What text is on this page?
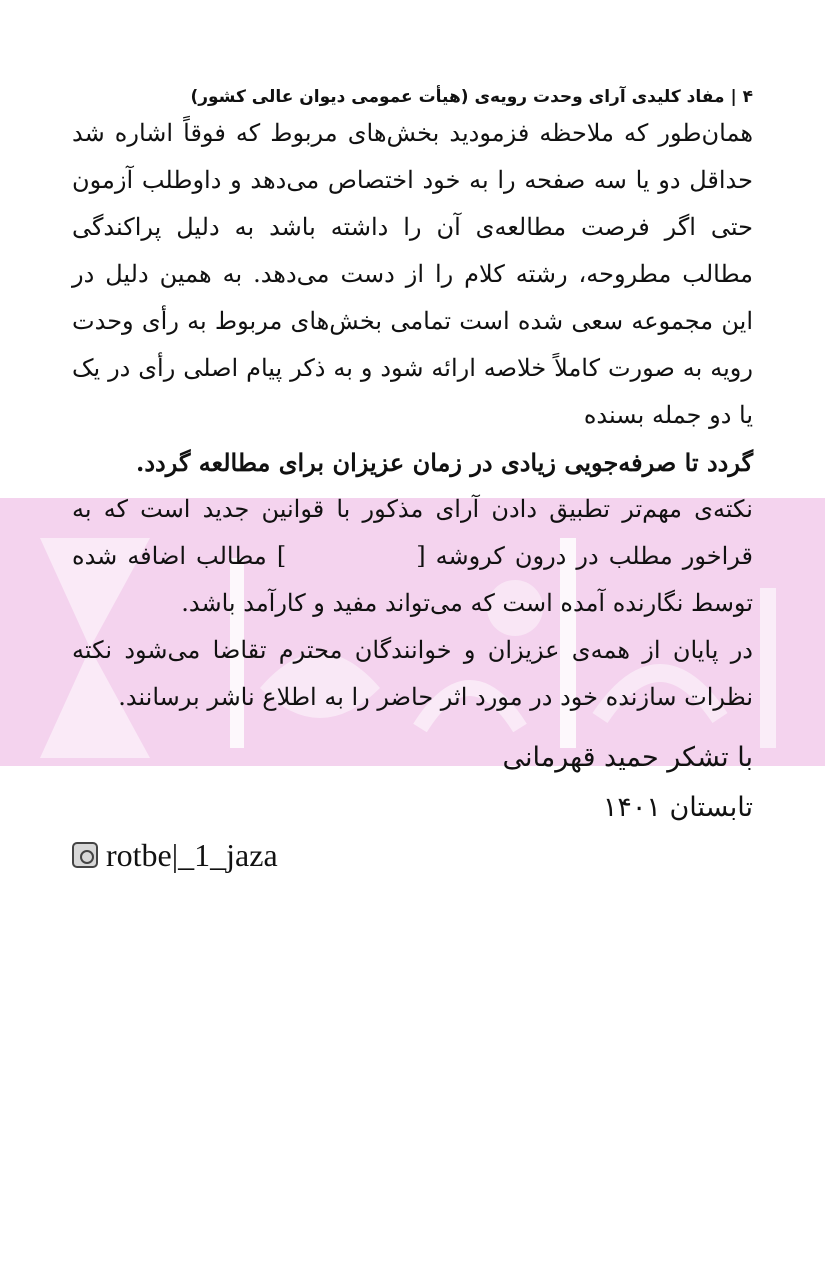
۴ | مفاد کلیدی آرای وحدت رویه‌ی (هیأت عمومی دیوان عالی کشور)

همان‌طور که ملاحظه فزمودید بخش‌های مربوط که فوقاً اشاره شد حداقل دو یا سه صفحه را به خود اختصاص می‌دهد و داوطلب آزمون حتی اگر فرصت مطالعه‌ی آن را داشته باشد به دلیل پراکندگی مطالب مطروحه، رشته کلام را از دست می‌دهد. به همین دلیل در این مجموعه سعی شده است تمامی بخش‌های مربوط به رأی وحدت رویه به صورت کاملاً خلاصه ارائه شود و به ذکر پیام اصلی رأی در یک یا دو جمله بسنده

گردد تا صرفه‌جویی زیادی در زمان عزیزان برای مطالعه گردد.

نکته‌ی مهم‌تر تطبیق دادن آرای مذکور با قوانین جدید است که به قراخور مطلب در درون کروشه [] مطالب اضافه شده توسط نگارنده آمده است که می‌تواند مفید و کارآمد باشد.

در پایان از همه‌ی عزیزان و خوانندگان محترم تقاضا می‌شود نکته نظرات سازنده خود در مورد اثر حاضر را به اطلاع ناشر برسانند.

با تشکر حمید قهرمانی
تابستان ۱۴۰۱
rotbe|_1_jaza
